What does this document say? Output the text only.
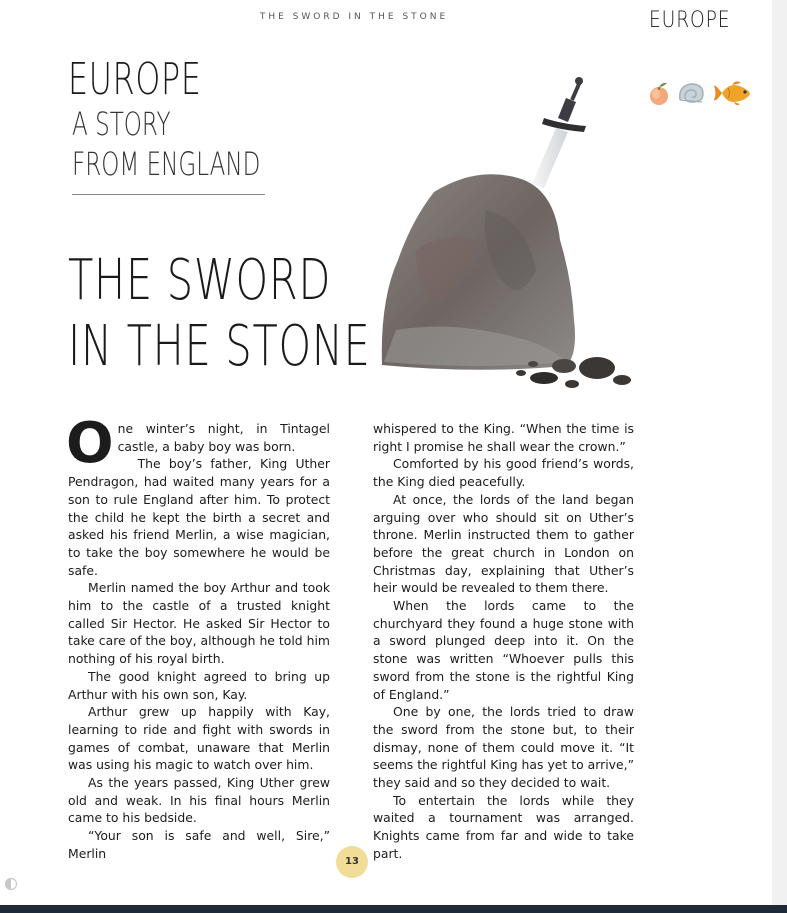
THE SWORD IN THE STONE	EUROPE
EUROPE
A STORY
FROM ENGLAND
THE SWORD
IN THE STONE

One winter’s night, in Tintagel castle, a baby boy was born.

The boy’s father, King Uther Pendragon, had waited many years for a son to rule England after him. To protect the child he kept the birth a secret and asked his friend Merlin, a wise magician, to take the boy somewhere he would be safe.

Merlin named the boy Arthur and took him to the castle of a trusted knight called Sir Hector. He asked Sir Hector to take care of the boy, although he told him nothing of his royal birth.

The good knight agreed to bring up Arthur with his own son, Kay.

Arthur grew up happily with Kay, learning to ride and fight with swords in games of combat, unaware that Merlin was using his magic to watch over him.

As the years passed, King Uther grew old and weak. In his final hours Merlin came to his bedside.

“Your son is safe and well, Sire,” Merlin

whispered to the King. “When the time is right I promise he shall wear the crown.”

Comforted by his good friend’s words, the King died peacefully.

At once, the lords of the land began arguing over who should sit on Uther’s throne. Merlin instructed them to gather before the great church in London on Christmas day, explaining that Uther’s heir would be revealed to them there.

When the lords came to the churchyard they found a huge stone with a sword plunged deep into it. On the stone was written “Whoever pulls this sword from the stone is the rightful King of England.”

One by one, the lords tried to draw the sword from the stone but, to their dismay, none of them could move it. “It seems the rightful King has yet to arrive,” they said and so they decided to wait.

To entertain the lords while they waited a tournament was arranged. Knights came from far and wide to take part.

13
